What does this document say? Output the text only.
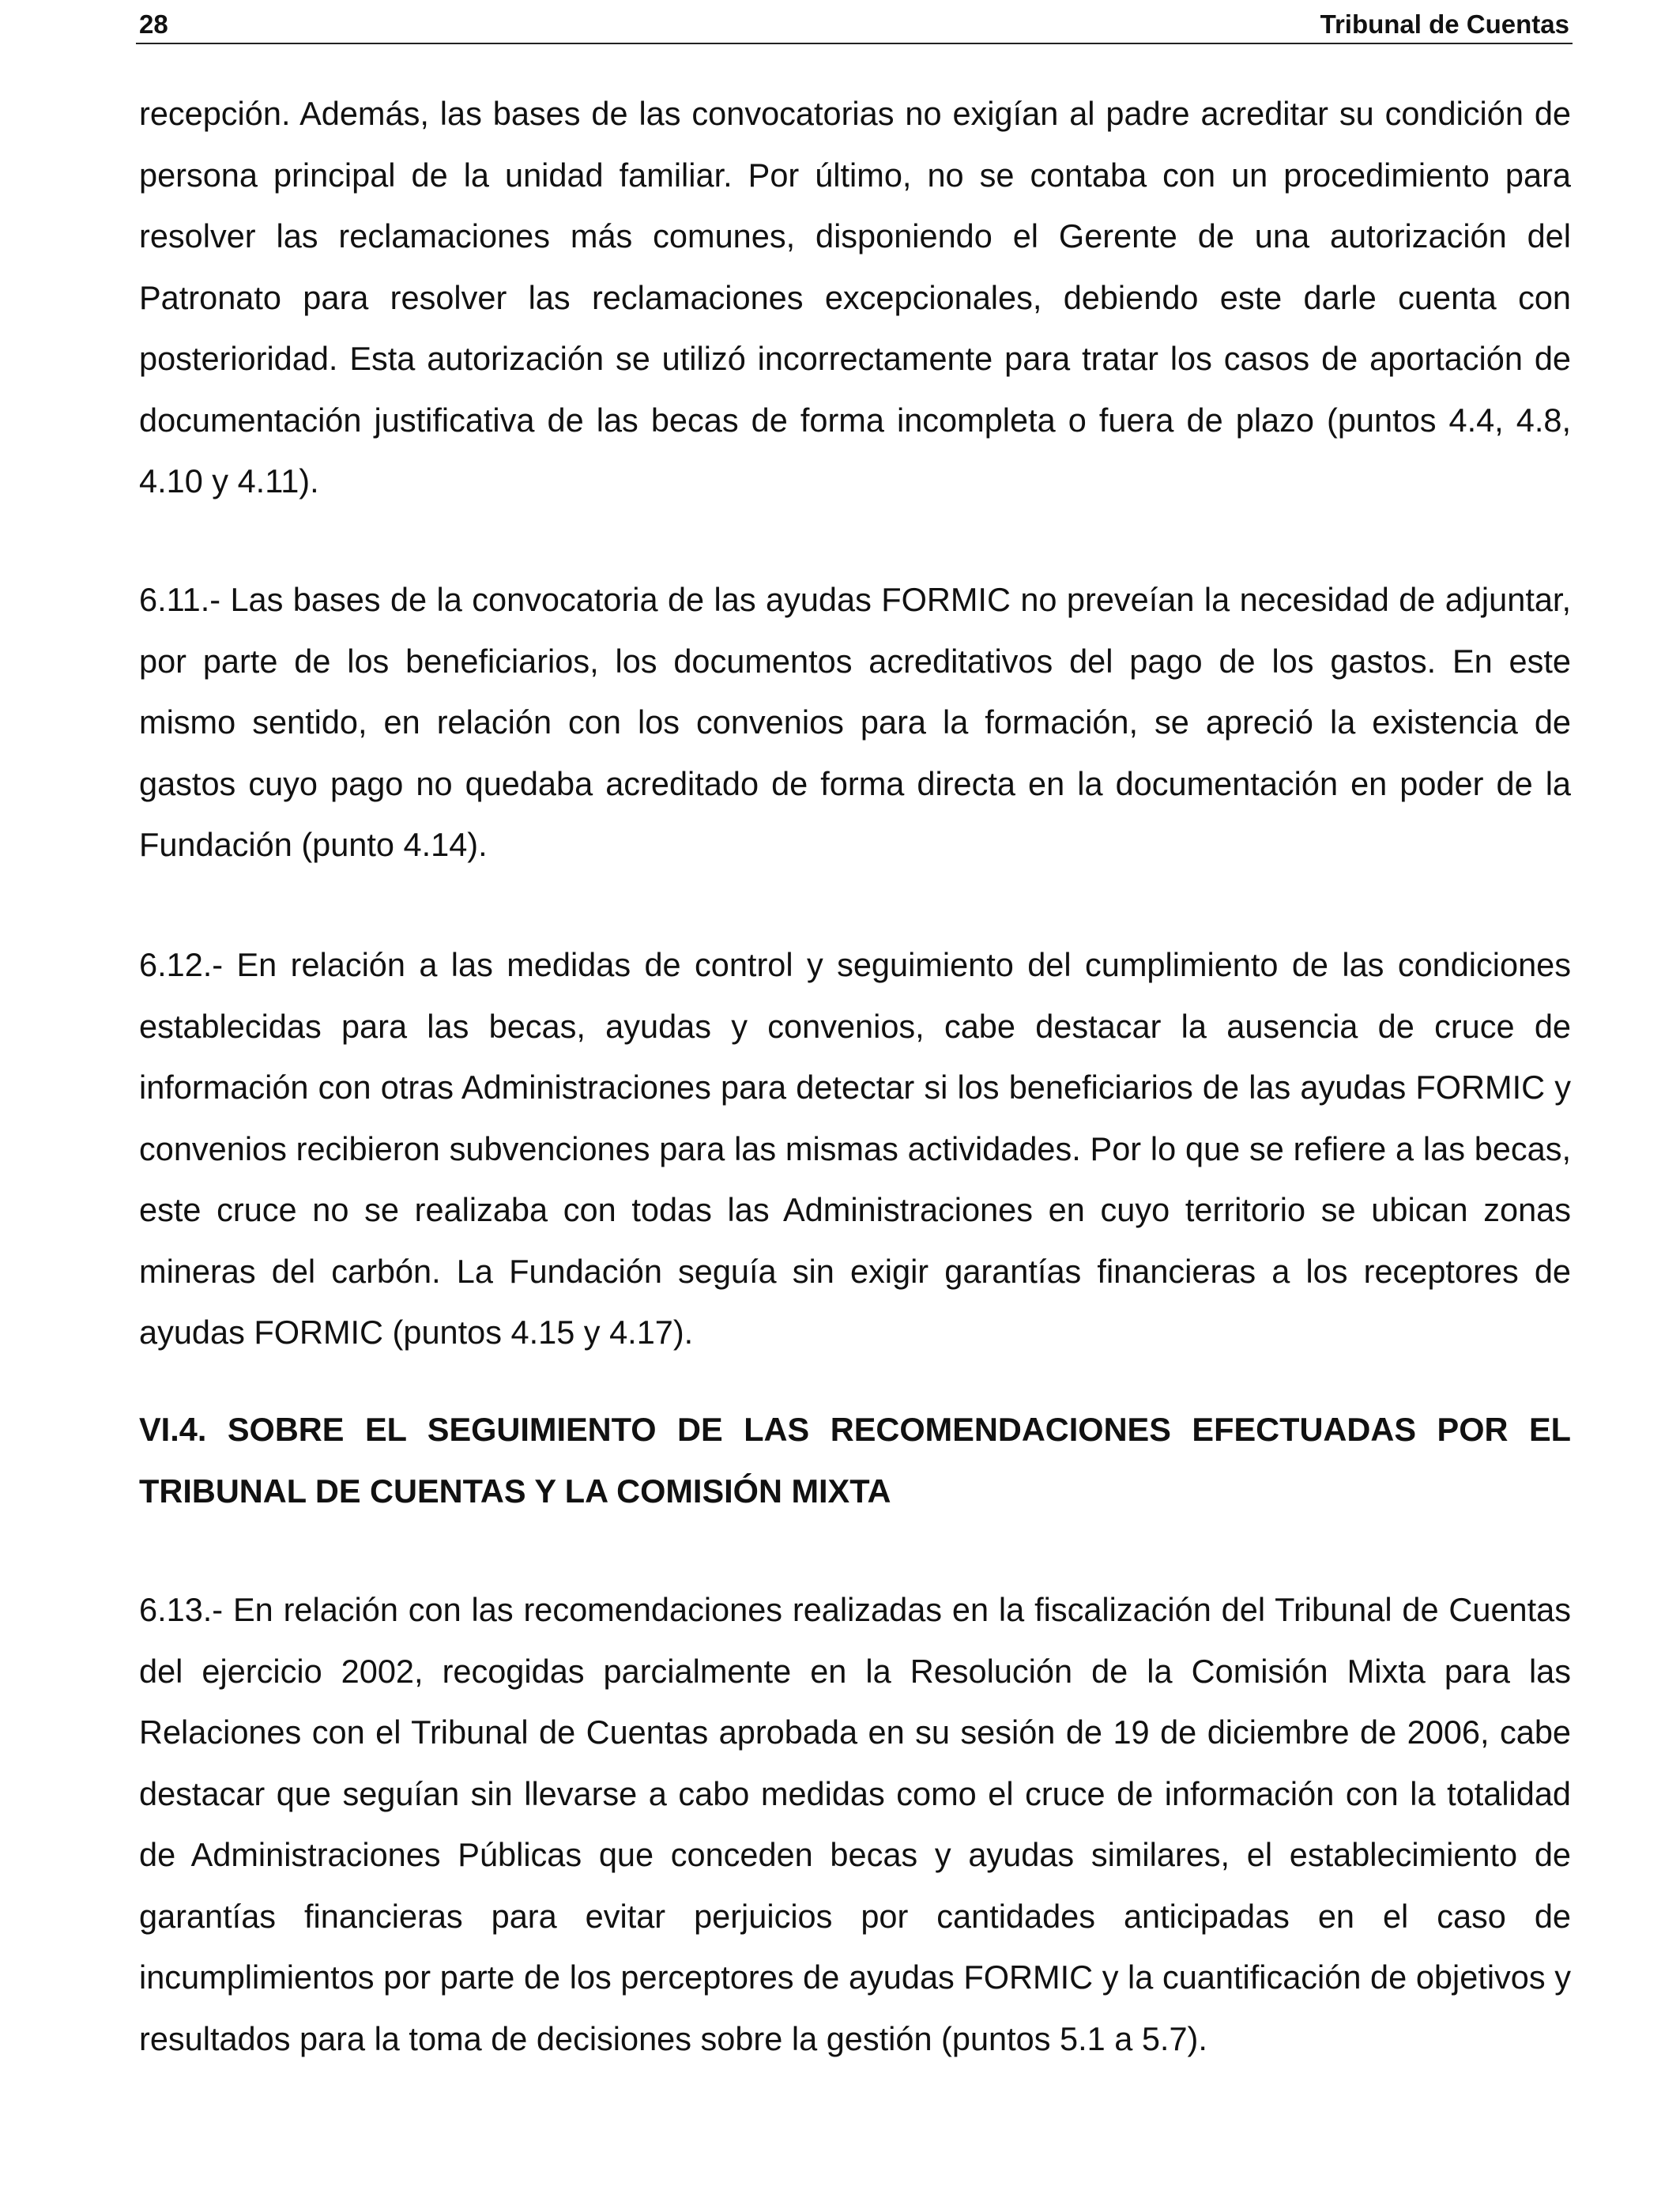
28	Tribunal de Cuentas

recepción. Además, las bases de las convocatorias no exigían al padre acreditar su condición de persona principal de la unidad familiar. Por último, no se contaba con un procedimiento para resolver las reclamaciones más comunes, disponiendo el Gerente de una autorización del Patronato para resolver las reclamaciones excepcionales, debiendo este darle cuenta con posterioridad. Esta autorización se utilizó incorrectamente para tratar los casos de aportación de documentación justificativa de las becas de forma incompleta o fuera de plazo (puntos 4.4, 4.8, 4.10 y 4.11).

6.11.- Las bases de la convocatoria de las ayudas FORMIC no preveían la necesidad de adjuntar, por parte de los beneficiarios, los documentos acreditativos del pago de los gastos. En este mismo sentido, en relación con los convenios para la formación, se apreció la existencia de gastos cuyo pago no quedaba acreditado de forma directa en la documentación en poder de la Fundación (punto 4.14).

6.12.- En relación a las medidas de control y seguimiento del cumplimiento de las condiciones establecidas para las becas, ayudas y convenios, cabe destacar la ausencia de cruce de información con otras Administraciones para detectar si los beneficiarios de las ayudas FORMIC y convenios recibieron subvenciones para las mismas actividades. Por lo que se refiere a las becas, este cruce no se realizaba con todas las Administraciones en cuyo territorio se ubican zonas mineras del carbón. La Fundación seguía sin exigir garantías financieras a los receptores de ayudas FORMIC (puntos 4.15 y 4.17).

VI.4. SOBRE EL SEGUIMIENTO DE LAS RECOMENDACIONES EFECTUADAS POR EL TRIBUNAL DE CUENTAS Y LA COMISIÓN MIXTA

6.13.- En relación con las recomendaciones realizadas en la fiscalización del Tribunal de Cuentas del ejercicio 2002, recogidas parcialmente en la Resolución de la Comisión Mixta para las Relaciones con el Tribunal de Cuentas aprobada en su sesión de 19 de diciembre de 2006, cabe destacar que seguían sin llevarse a cabo medidas como el cruce de información con la totalidad de Administraciones Públicas que conceden becas y ayudas similares, el establecimiento de garantías financieras para evitar perjuicios por cantidades anticipadas en el caso de incumplimientos por parte de los perceptores de ayudas FORMIC y la cuantificación de objetivos y resultados para la toma de decisiones sobre la gestión (puntos 5.1 a 5.7).
